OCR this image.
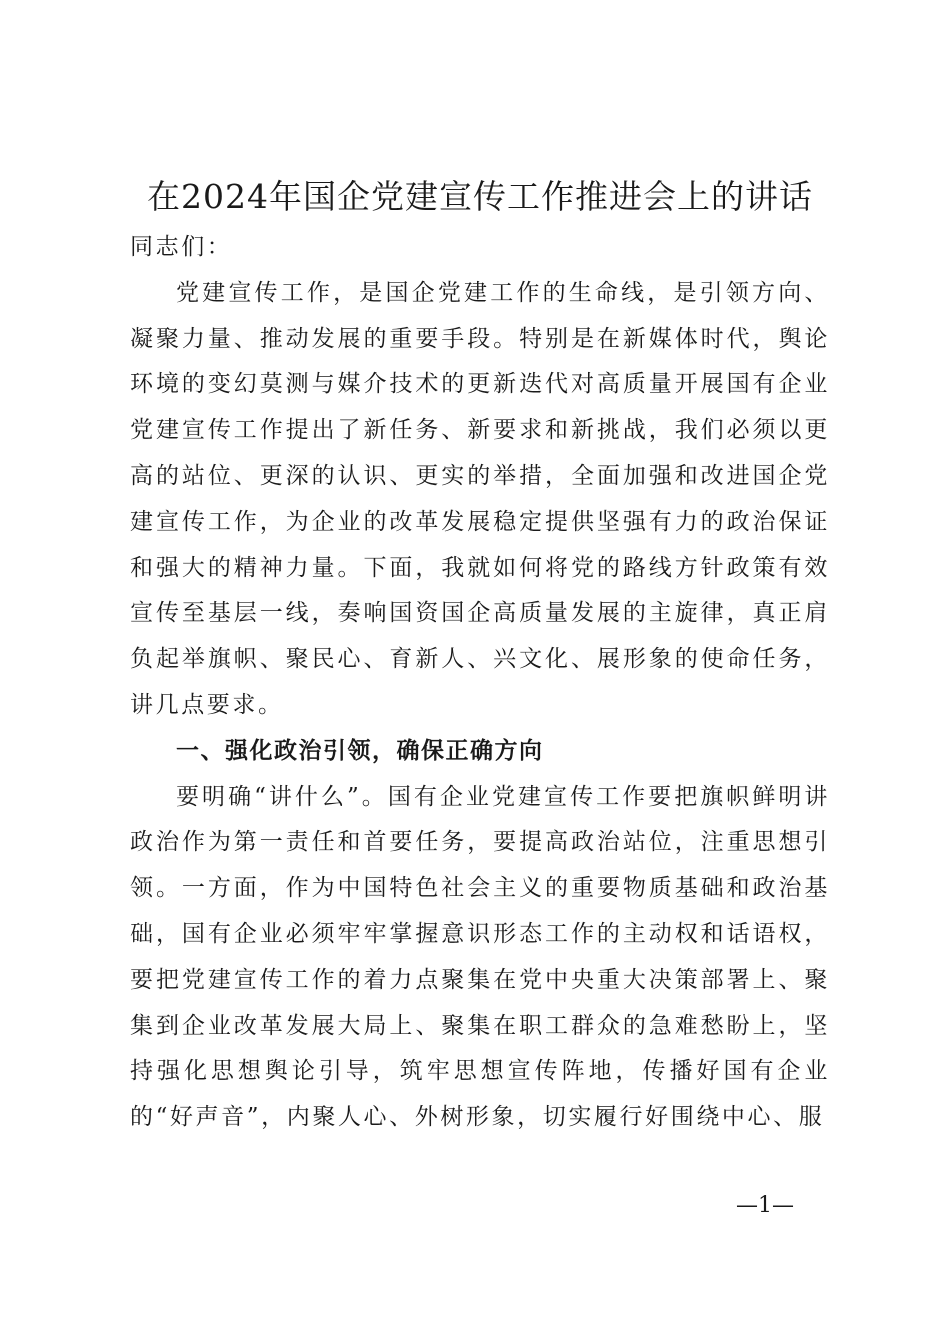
在2024年国企党建宣传工作推进会上的讲话

同志们：

党建宣传工作，是国企党建工作的生命线，是引领方向、凝聚力量、推动发展的重要手段。特别是在新媒体时代，舆论环境的变幻莫测与媒介技术的更新迭代对高质量开展国有企业党建宣传工作提出了新任务、新要求和新挑战，我们必须以更高的站位、更深的认识、更实的举措，全面加强和改进国企党建宣传工作，为企业的改革发展稳定提供坚强有力的政治保证和强大的精神力量。下面，我就如何将党的路线方针政策有效宣传至基层一线，奏响国资国企高质量发展的主旋律，真正肩负起举旗帜、聚民心、育新人、兴文化、展形象的使命任务，讲几点要求。

一、强化政治引领，确保正确方向

要明确“讲什么”。国有企业党建宣传工作要把旗帜鲜明讲政治作为第一责任和首要任务，要提高政治站位，注重思想引领。一方面，作为中国特色社会主义的重要物质基础和政治基础，国有企业必须牢牢掌握意识形态工作的主动权和话语权，要把党建宣传工作的着力点聚集在党中央重大决策部署上、聚集到企业改革发展大局上、聚集在职工群众的急难愁盼上，坚持强化思想舆论引导，筑牢思想宣传阵地，传播好国有企业的“好声音”，内聚人心、外树形象，切实履行好围绕中心、服

—1—
